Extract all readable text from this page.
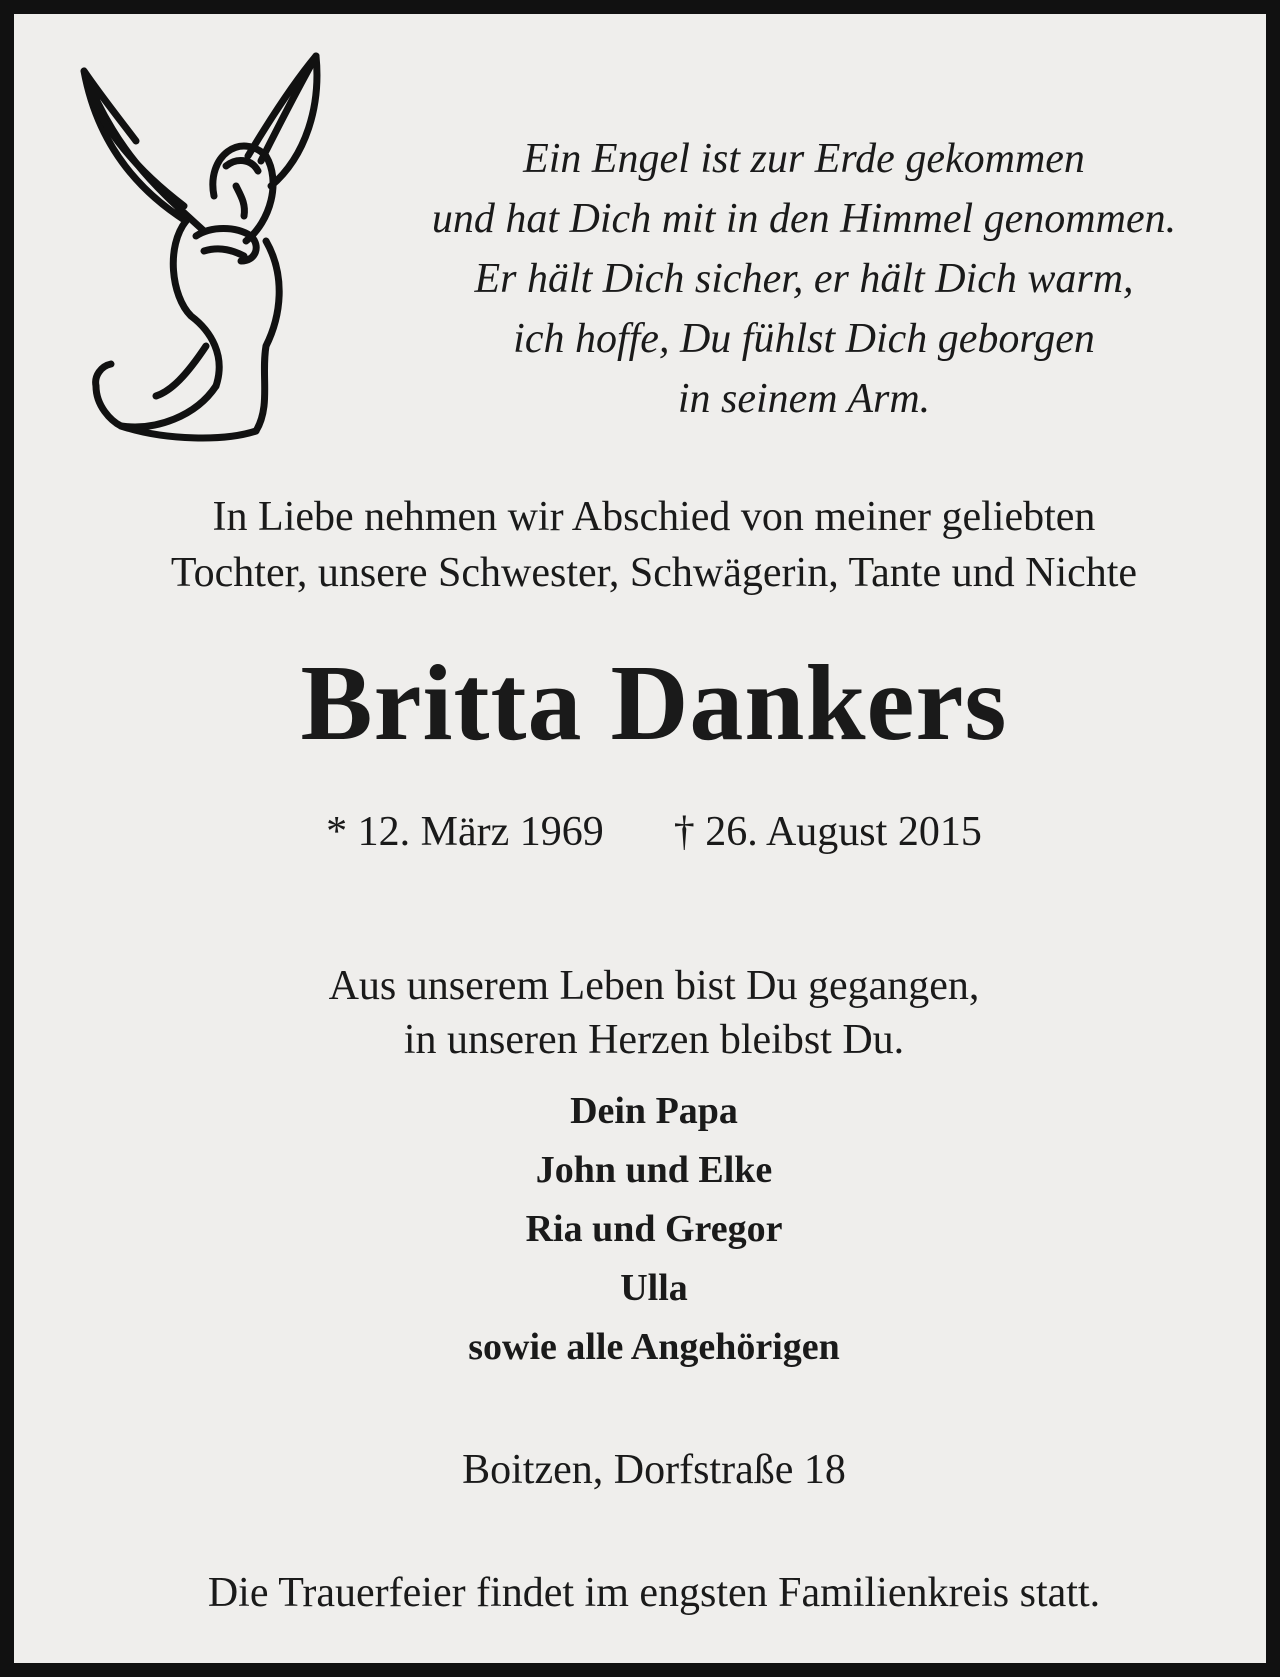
Ein Engel ist zur Erde gekommen
und hat Dich mit in den Himmel genommen.
Er hält Dich sicher, er hält Dich warm,
ich hoffe, Du fühlst Dich geborgen
in seinem Arm.
In Liebe nehmen wir Abschied von meiner geliebten
Tochter, unsere Schwester, Schwägerin, Tante und Nichte
Britta Dankers
* 12. März 1969 † 26. August 2015
Aus unserem Leben bist Du gegangen,
in unseren Herzen bleibst Du.
Dein Papa
John und Elke
Ria und Gregor
Ulla
sowie alle Angehörigen
Boitzen, Dorfstraße 18
Die Trauerfeier findet im engsten Familienkreis statt.
